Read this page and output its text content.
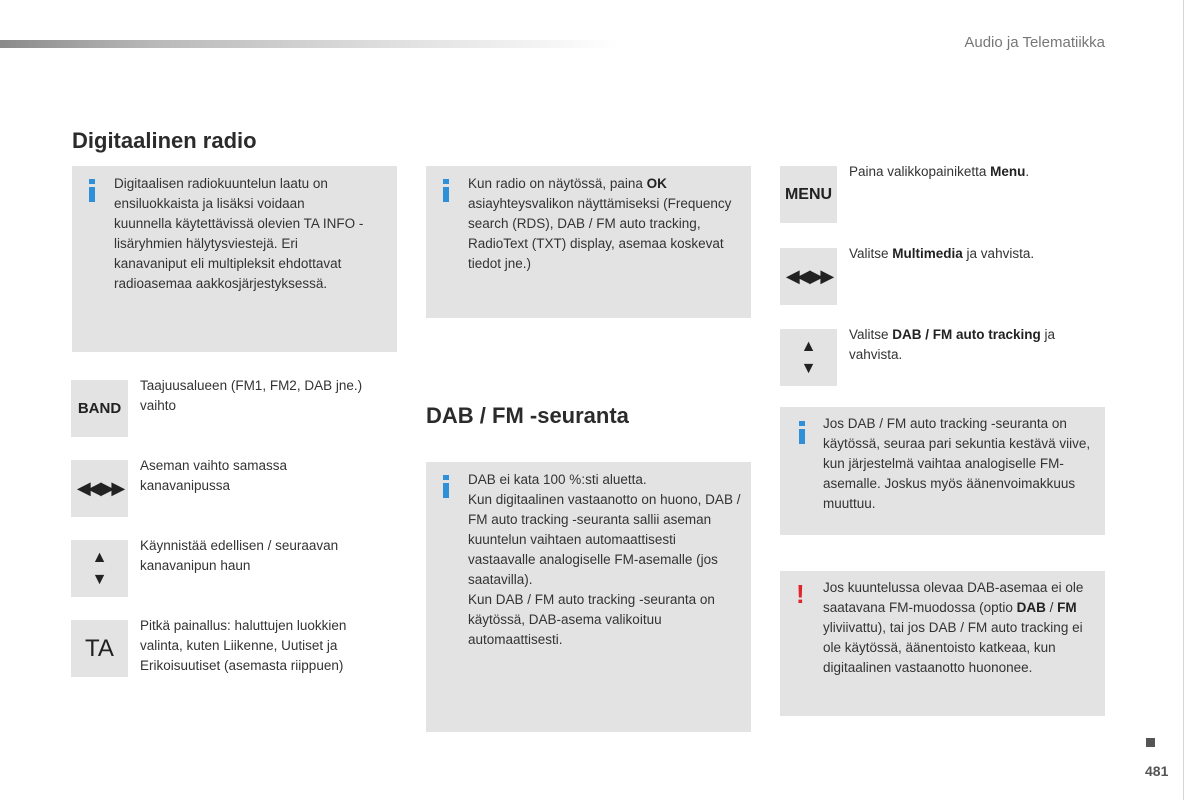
Audio ja Telematiikka
Digitaalinen radio
Digitaalisen radiokuuntelun laatu on ensiluokkaista ja lisäksi voidaan kuunnella käytettävissä olevien TA INFO -lisäryhmien hälytysviestejä. Eri kanavaniput eli multipleksit ehdottavat radioasemaa aakkosjärjestyksessä.
BAND
Taajuusalueen (FM1, FM2, DAB jne.) vaihto
◀◀ ▶▶
Aseman vaihto samassa kanavanipussa
▲
▼
Käynnistää edellisen / seuraavan kanavanipun haun
TA
Pitkä painallus: haluttujen luokkien valinta, kuten Liikenne, Uutiset ja Erikoisuutiset (asemasta riippuen)
Kun radio on näytössä, paina OK asiayhteysvalikon näyttämiseksi (Frequency search (RDS), DAB / FM auto tracking, RadioText (TXT) display, asemaa koskevat tiedot jne.)
DAB / FM -seuranta
DAB ei kata 100 %:sti aluetta.
Kun digitaalinen vastaanotto on huono, DAB / FM auto tracking -seuranta sallii aseman kuuntelun vaihtaen automaattisesti vastaavalle analogiselle FM-asemalle (jos saatavilla).
Kun DAB / FM auto tracking -seuranta on käytössä, DAB-asema valikoituu automaattisesti.
MENU
Paina valikkopainiketta Menu.
◀◀ ▶▶
Valitse Multimedia ja vahvista.
▲
▼
Valitse DAB / FM auto tracking ja vahvista.
Jos DAB / FM auto tracking -seuranta on käytössä, seuraa pari sekuntia kestävä viive, kun järjestelmä vaihtaa analogiselle FM-asemalle. Joskus myös äänenvoimakkuus muuttuu.
! Jos kuuntelussa olevaa DAB-asemaa ei ole saatavana FM-muodossa (optio DAB / FM yliviivattu), tai jos DAB / FM auto tracking ei ole käytössä, äänentoisto katkeaa, kun digitaalinen vastaanotto huononee.
481
